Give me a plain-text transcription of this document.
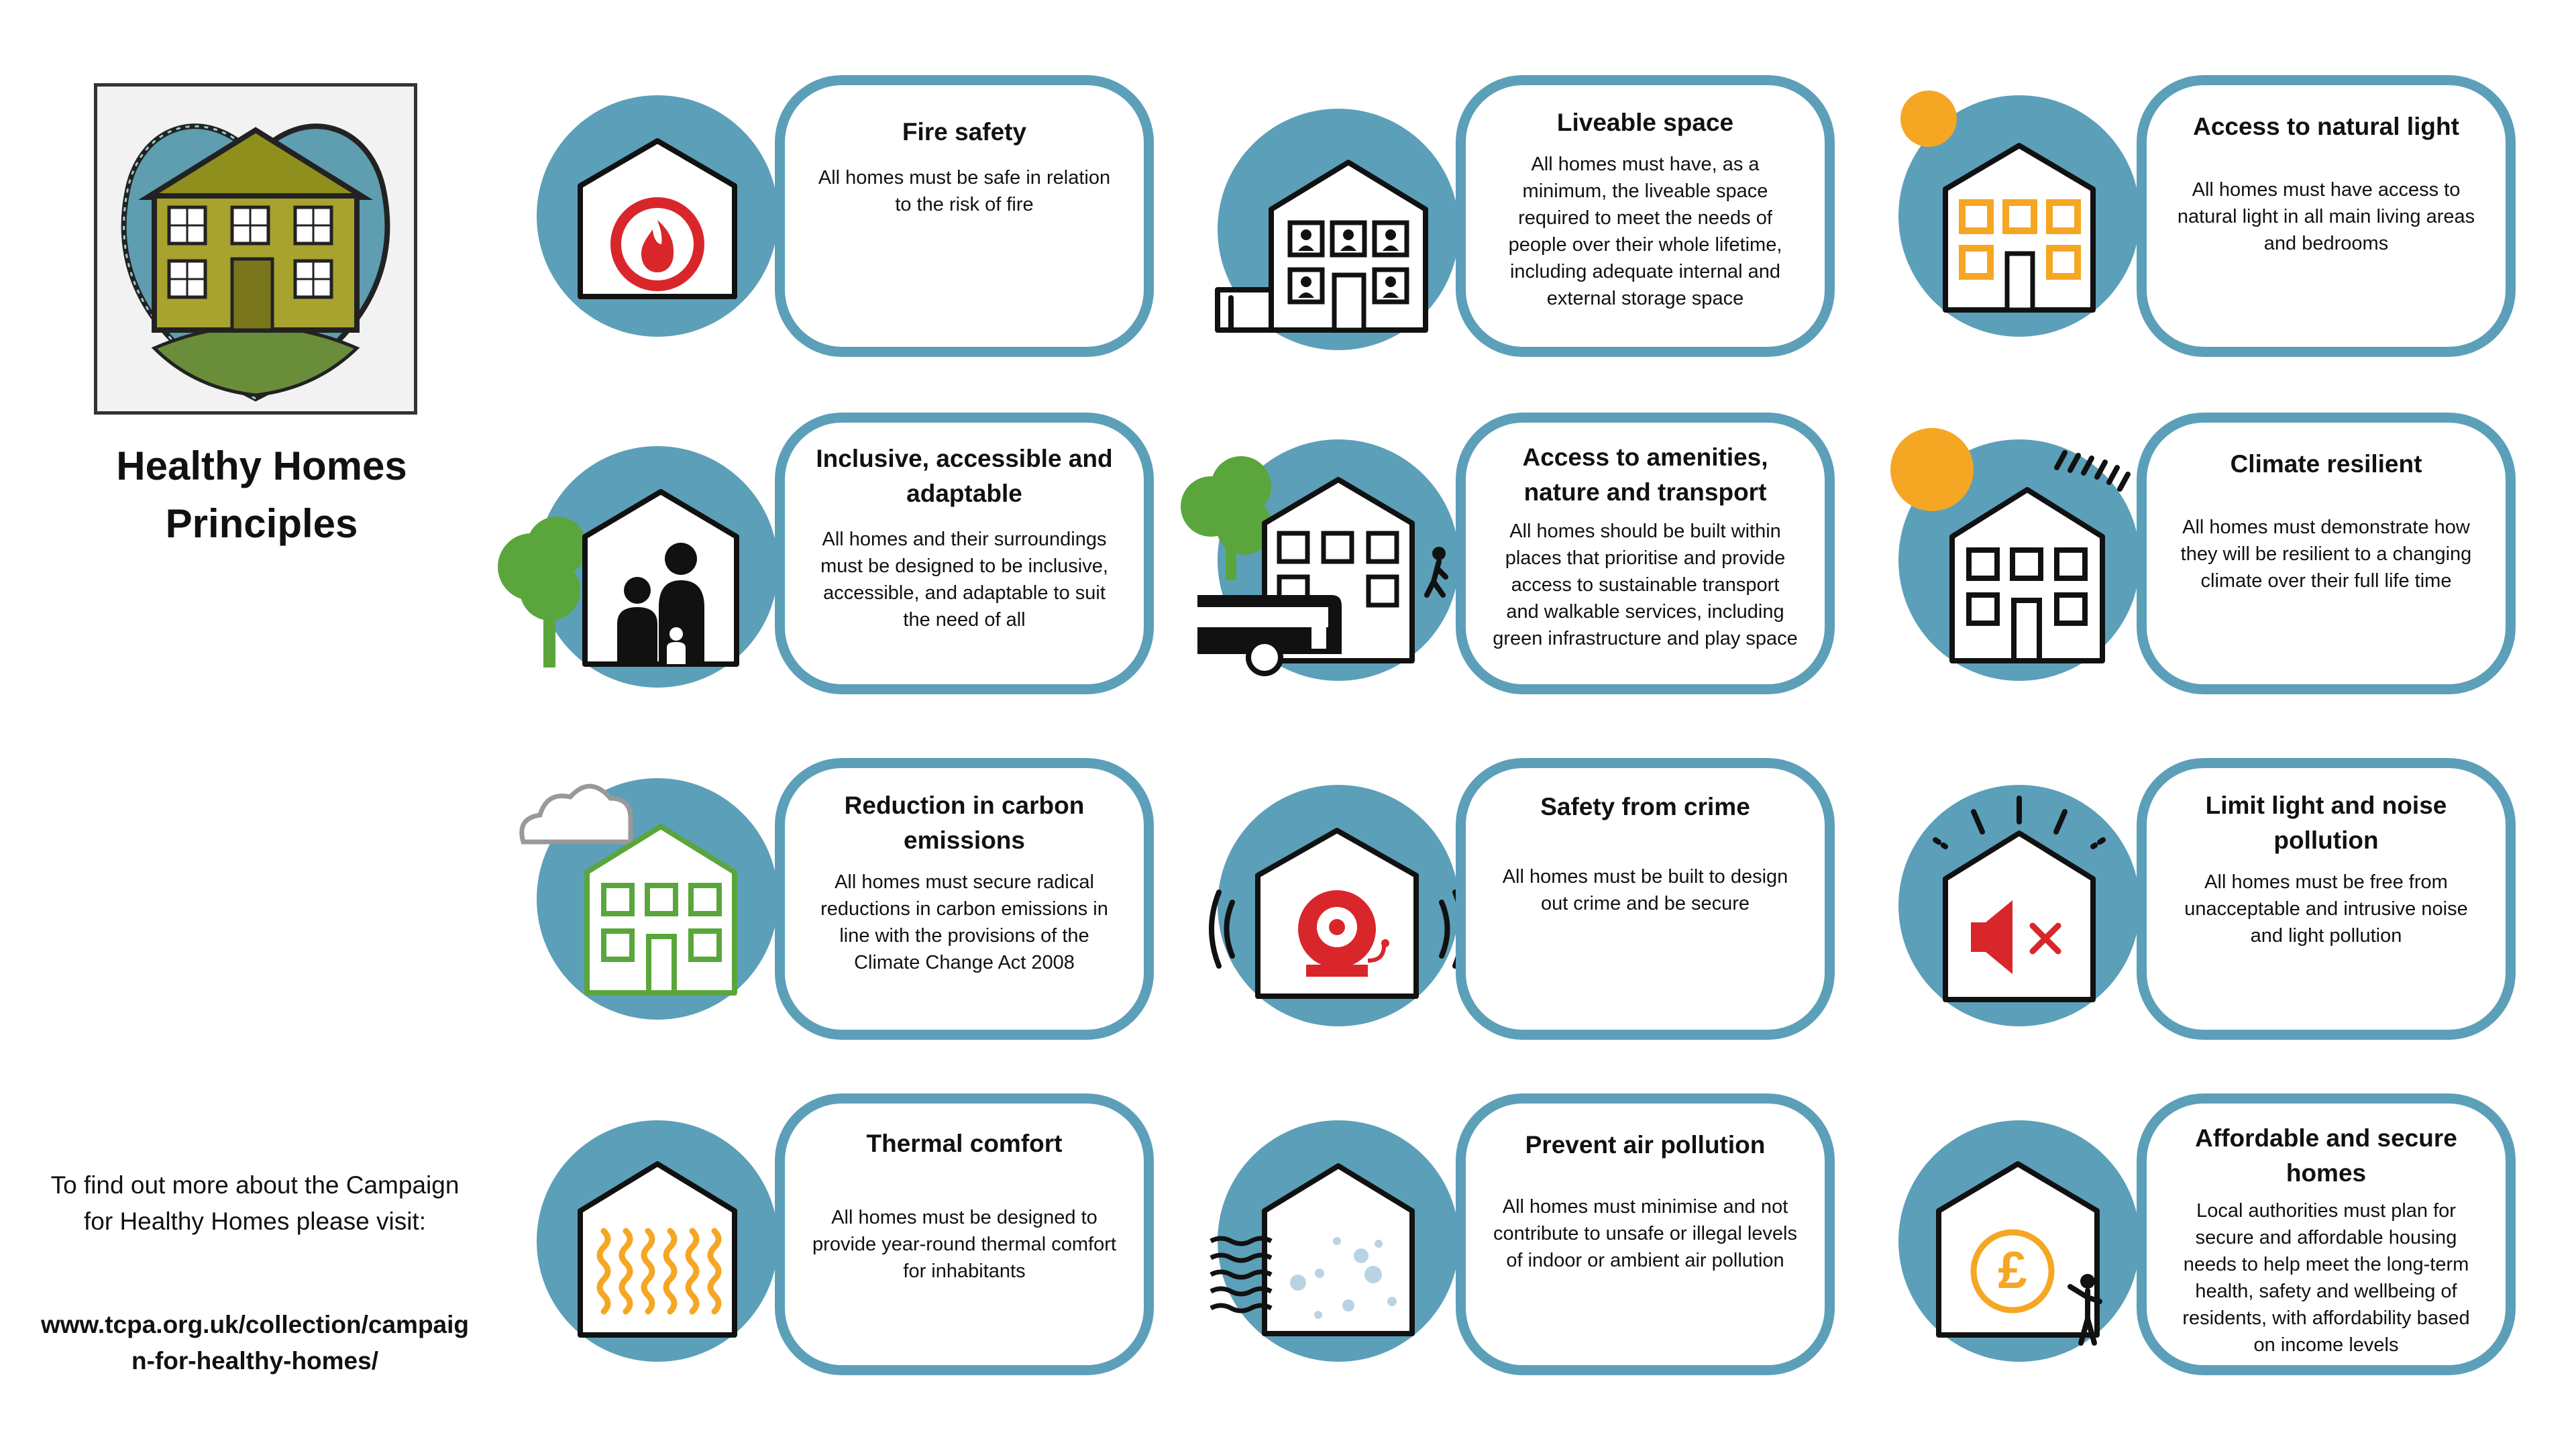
Healthy Homes
Principles

To find out more about the Campaign for Healthy Homes please visit:

www.tcpa.org.uk/collection/campaign-for-healthy-homes/

Fire safety

All homes must be safe in relation to the risk of fire

Liveable space

All homes must have, as a minimum, the liveable space required to meet the needs of people over their whole lifetime, including adequate internal and external storage space

Access to natural light

All homes must have access to natural light in all main living areas and bedrooms

Inclusive, accessible and adaptable

All homes and their surroundings must be designed to be inclusive, accessible, and adaptable to suit the need of all

Access to amenities, nature and transport

All homes should be built within places that prioritise and provide access to sustainable transport and walkable services, including green infrastructure and play space

Climate resilient

All homes must demonstrate how they will be resilient to a changing climate over their full life time

Reduction in carbon emissions

All homes must secure radical reductions in carbon emissions in line with the provisions of the Climate Change Act 2008

Safety from crime

All homes must be built to design out crime and be secure

Limit light and noise pollution

All homes must be free from unacceptable and intrusive noise and light pollution

Thermal comfort

All homes must be designed to provide year-round thermal comfort for inhabitants

Prevent air pollution

All homes must minimise and not contribute to unsafe or illegal levels of indoor or ambient air pollution	£

Affordable and secure homes

Local authorities must plan for secure and affordable housing needs to help meet the long-term health, safety and wellbeing of residents, with affordability based on income levels
